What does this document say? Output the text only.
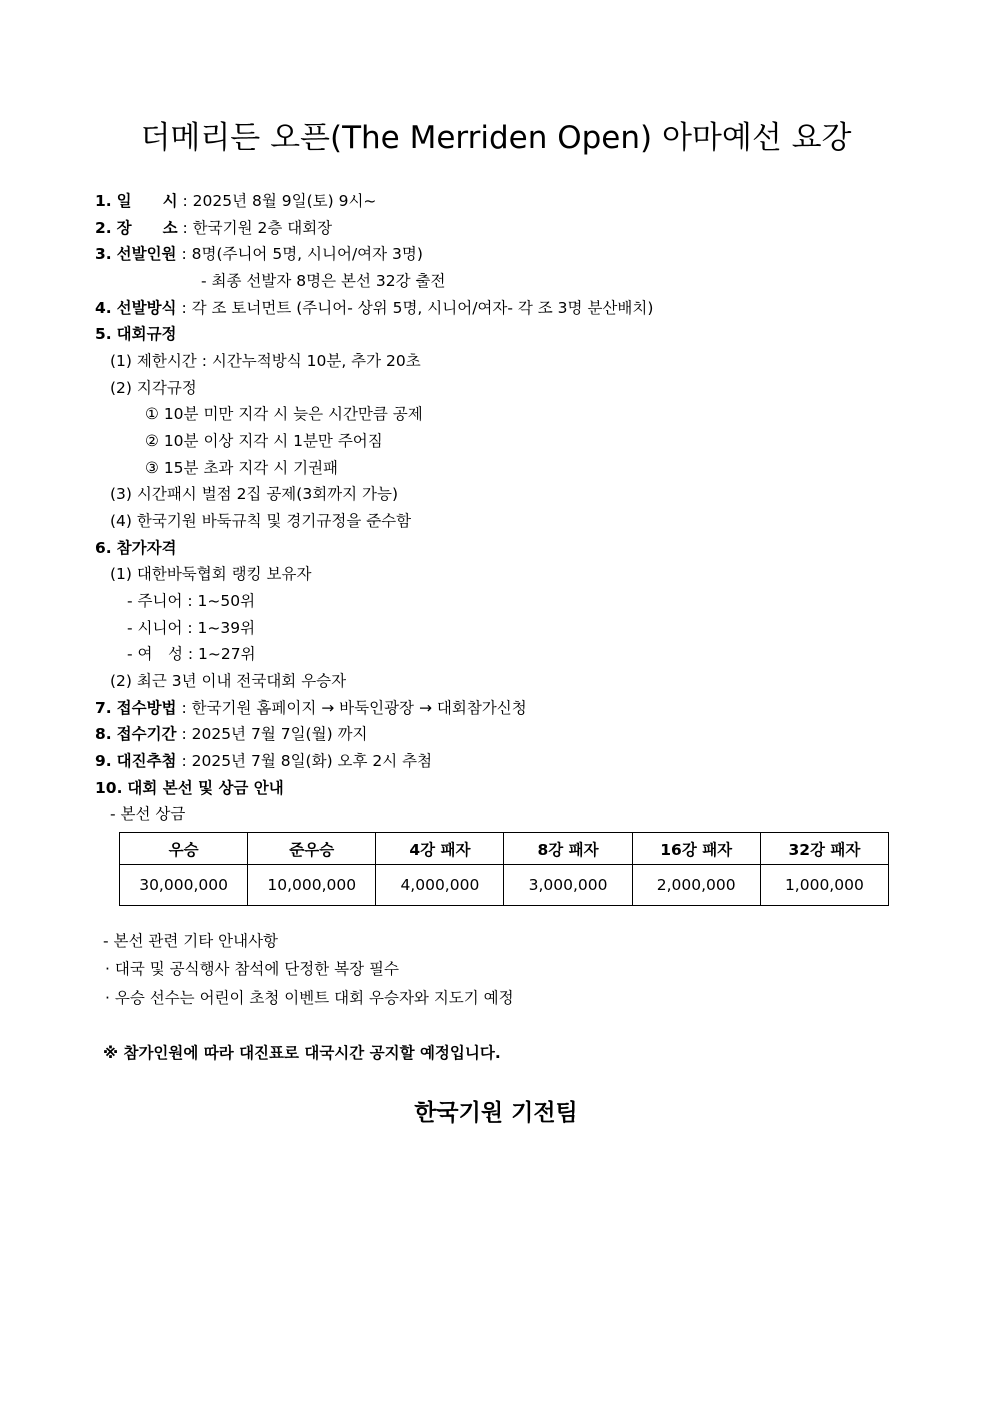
더메리든 오픈(The Merriden Open) 아마예선 요강
1. 일　　시 : 2025년 8월 9일(토) 9시~
2. 장　　소 : 한국기원 2층 대회장
3. 선발인원 : 8명(주니어 5명, 시니어/여자 3명)
- 최종 선발자 8명은 본선 32강 출전
4. 선발방식 : 각 조 토너먼트 (주니어- 상위 5명, 시니어/여자- 각 조 3명 분산배치)
5. 대회규정
(1) 제한시간 : 시간누적방식 10분, 추가 20초
(2) 지각규정
① 10분 미만 지각 시 늦은 시간만큼 공제
② 10분 이상 지각 시 1분만 주어짐
③ 15분 초과 지각 시 기권패
(3) 시간패시 벌점 2집 공제(3회까지 가능)
(4) 한국기원 바둑규칙 및 경기규정을 준수함
6. 참가자격
(1) 대한바둑협회 랭킹 보유자
- 주니어 : 1~50위
- 시니어 : 1~39위
- 여　성 : 1~27위
(2) 최근 3년 이내 전국대회 우승자
7. 접수방법 : 한국기원 홈페이지 → 바둑인광장 → 대회참가신청
8. 접수기간 : 2025년 7월 7일(월) 까지
9. 대진추첨 : 2025년 7월 8일(화) 오후 2시 추첨
10. 대회 본선 및 상금 안내
- 본선 상금
우승	준우승	4강 패자	8강 패자	16강 패자	32강 패자
30,000,000	10,000,000	4,000,000	3,000,000	2,000,000	1,000,000
- 본선 관련 기타 안내사항
· 대국 및 공식행사 참석에 단정한 복장 필수
· 우승 선수는 어린이 초청 이벤트 대회 우승자와 지도기 예정
※ 참가인원에 따라 대진표로 대국시간 공지할 예정입니다.
한국기원 기전팀
